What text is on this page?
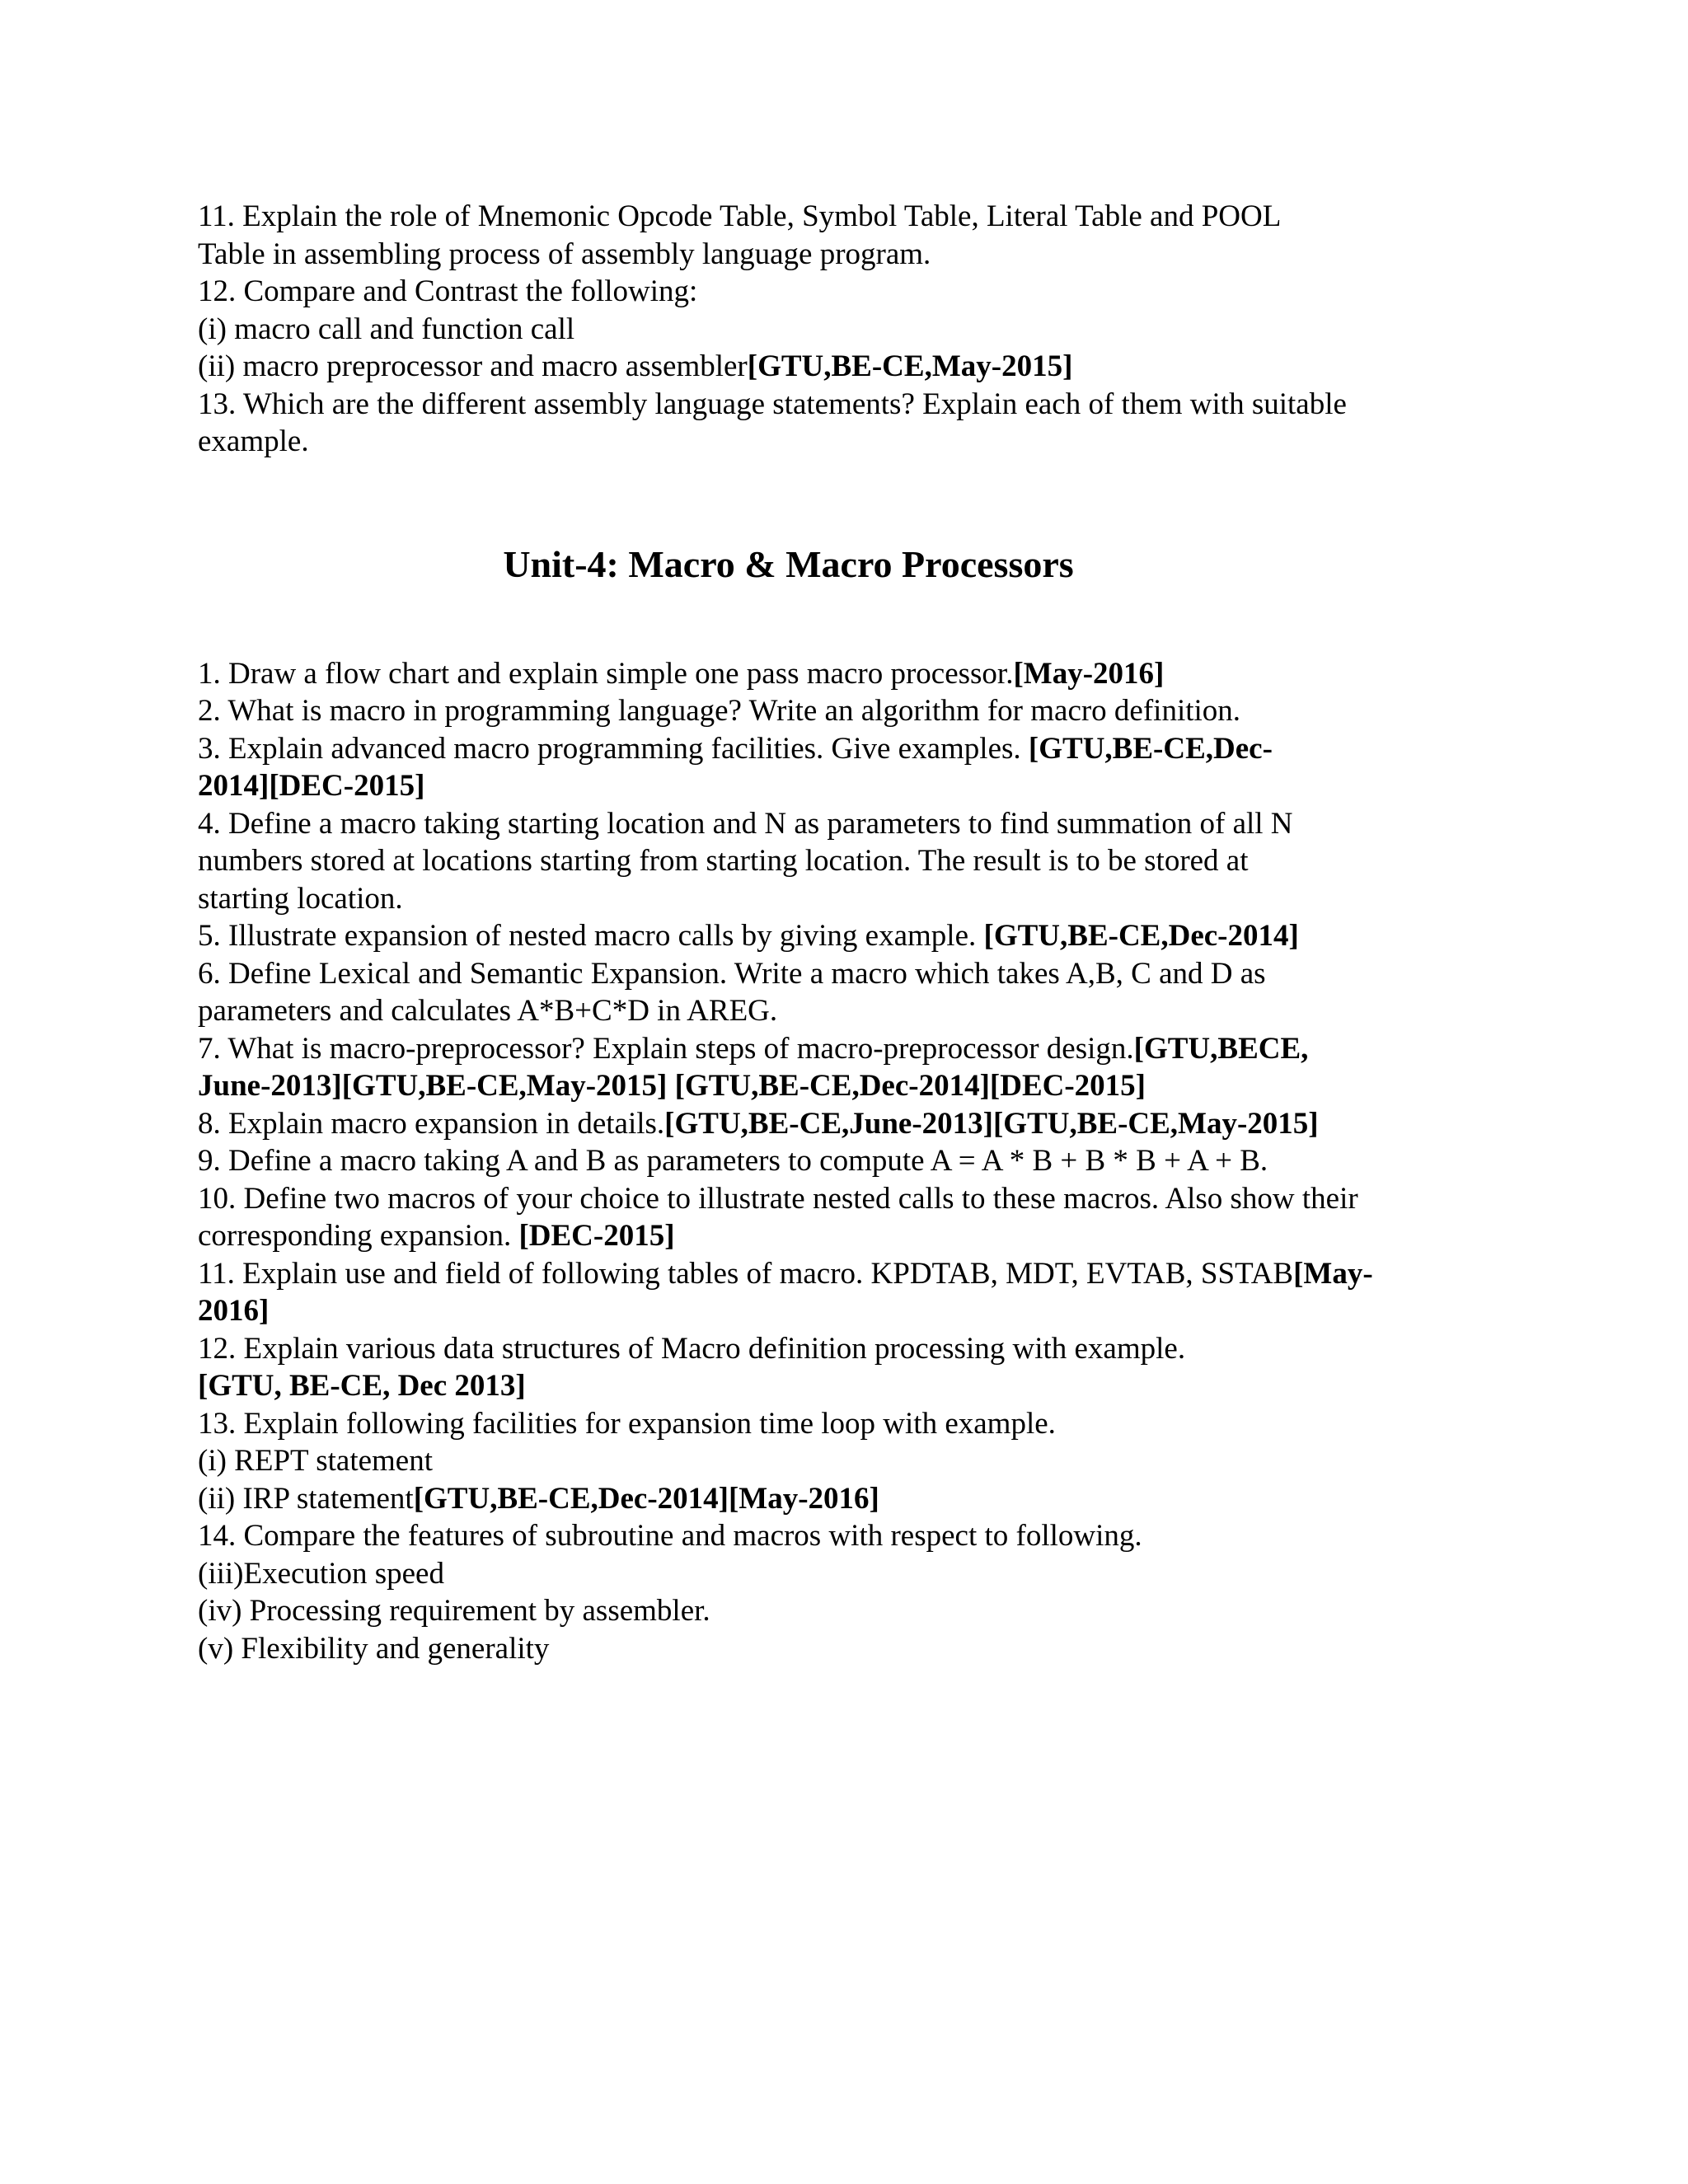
11. Explain the role of Mnemonic Opcode Table, Symbol Table, Literal Table and POOL
Table in assembling process of assembly language program.
12. Compare and Contrast the following:
(i) macro call and function call
(ii) macro preprocessor and macro assembler[GTU,BE-CE,May-2015]
13. Which are the different assembly language statements? Explain each of them with suitable
example.
Unit-4: Macro & Macro Processors
1. Draw a flow chart and explain simple one pass macro processor.[May-2016]
2. What is macro in programming language? Write an algorithm for macro definition.
3. Explain advanced macro programming facilities. Give examples. [GTU,BE-CE,Dec-
2014][DEC-2015]
4. Define a macro taking starting location and N as parameters to find summation of all N
numbers stored at locations starting from starting location. The result is to be stored at
starting location.
5. Illustrate expansion of nested macro calls by giving example. [GTU,BE-CE,Dec-2014]
6. Define Lexical and Semantic Expansion. Write a macro which takes A,B, C and D as
parameters and calculates A*B+C*D in AREG.
7. What is macro-preprocessor? Explain steps of macro-preprocessor design.[GTU,BECE,
June-2013][GTU,BE-CE,May-2015] [GTU,BE-CE,Dec-2014][DEC-2015]
8. Explain macro expansion in details.[GTU,BE-CE,June-2013][GTU,BE-CE,May-2015]
9. Define a macro taking A and B as parameters to compute A = A * B + B * B + A + B.
10. Define two macros of your choice to illustrate nested calls to these macros. Also show their
corresponding expansion. [DEC-2015]
11. Explain use and field of following tables of macro. KPDTAB, MDT, EVTAB, SSTAB[May-
2016]
12. Explain various data structures of Macro definition processing with example.
[GTU, BE-CE, Dec 2013]
13. Explain following facilities for expansion time loop with example.
(i) REPT statement
(ii) IRP statement[GTU,BE-CE,Dec-2014][May-2016]
14. Compare the features of subroutine and macros with respect to following.
(iii)Execution speed
(iv) Processing requirement by assembler.
(v) Flexibility and generality
